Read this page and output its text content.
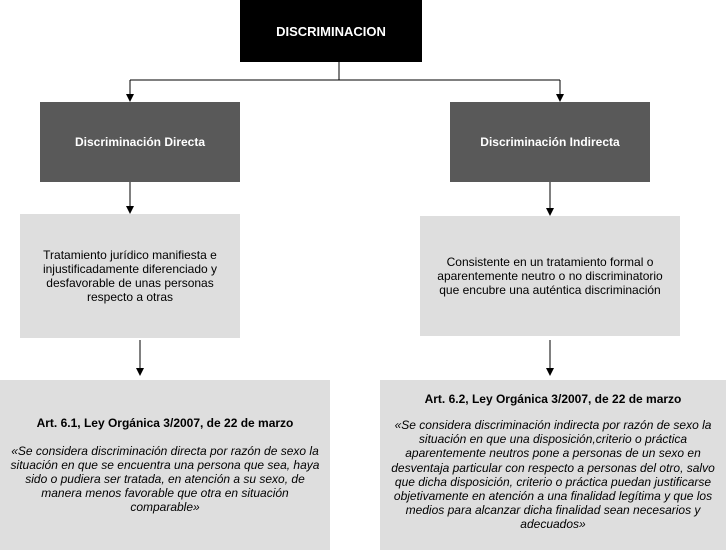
DISCRIMINACION
Discriminación Directa	Discriminación Indirecta
Tratamiento jurídico manifiesta e injustificadamente diferenciado y desfavorable de unas personas respecto a otras
Consistente en un tratamiento formal o aparentemente neutro o no discriminatorio que encubre una auténtica discriminación
Art. 6.1, Ley Orgánica 3/2007, de 22 de marzo
«Se considera discriminación directa por razón de sexo la situación en que se encuentra una persona que sea, haya sido o pudiera ser tratada, en atención a su sexo, de manera menos favorable que otra en situación comparable»
Art. 6.2, Ley Orgánica 3/2007, de 22 de marzo
«Se considera discriminación indirecta por razón de sexo la situación en que una disposición,criterio o práctica aparentemente neutros pone a personas de un sexo en desventaja particular con respecto a personas del otro, salvo que dicha disposición, criterio o práctica puedan justificarse objetivamente en atención a una finalidad legítima y que los medios para alcanzar dicha finalidad sean necesarios y adecuados»
